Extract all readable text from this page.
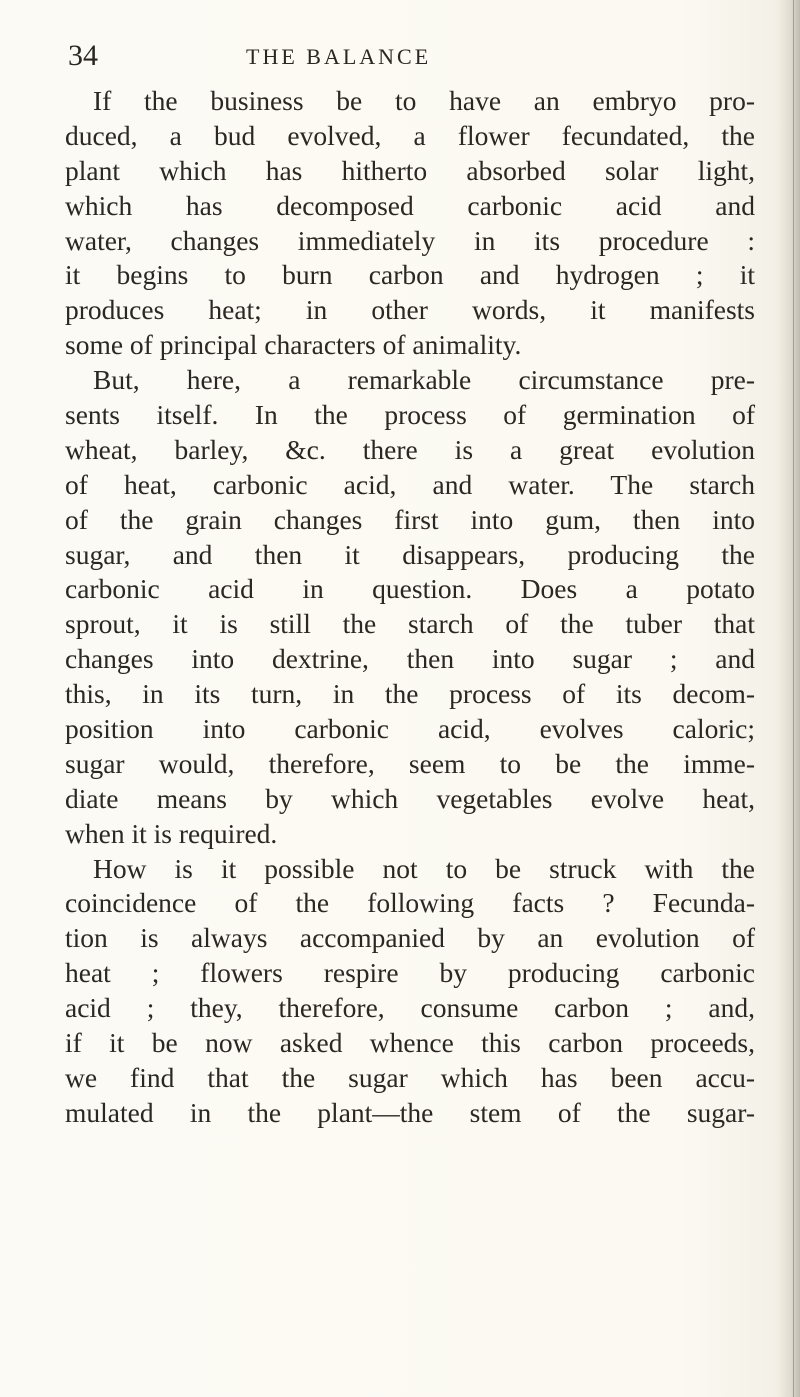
34	THE BALANCE
If the business be to have an embryo pro-
duced, a bud evolved, a flower fecundated, the
plant which has hitherto absorbed solar light,
which has decomposed carbonic acid and
water, changes immediately in its procedure :
it begins to burn carbon and hydrogen ; it
produces heat; in other words, it manifests
some of principal characters of animality.
But, here, a remarkable circumstance pre-
sents itself. In the process of germination of
wheat, barley, &c. there is a great evolution
of heat, carbonic acid, and water. The starch
of the grain changes first into gum, then into
sugar, and then it disappears, producing the
carbonic acid in question. Does a potato
sprout, it is still the starch of the tuber that
changes into dextrine, then into sugar ; and
this, in its turn, in the process of its decom-
position into carbonic acid, evolves caloric;
sugar would, therefore, seem to be the imme-
diate means by which vegetables evolve heat,
when it is required.
How is it possible not to be struck with the
coincidence of the following facts ? Fecunda-
tion is always accompanied by an evolution of
heat ; flowers respire by producing carbonic
acid ; they, therefore, consume carbon ; and,
if it be now asked whence this carbon proceeds,
we find that the sugar which has been accu-
mulated in the plant—the stem of the sugar-
